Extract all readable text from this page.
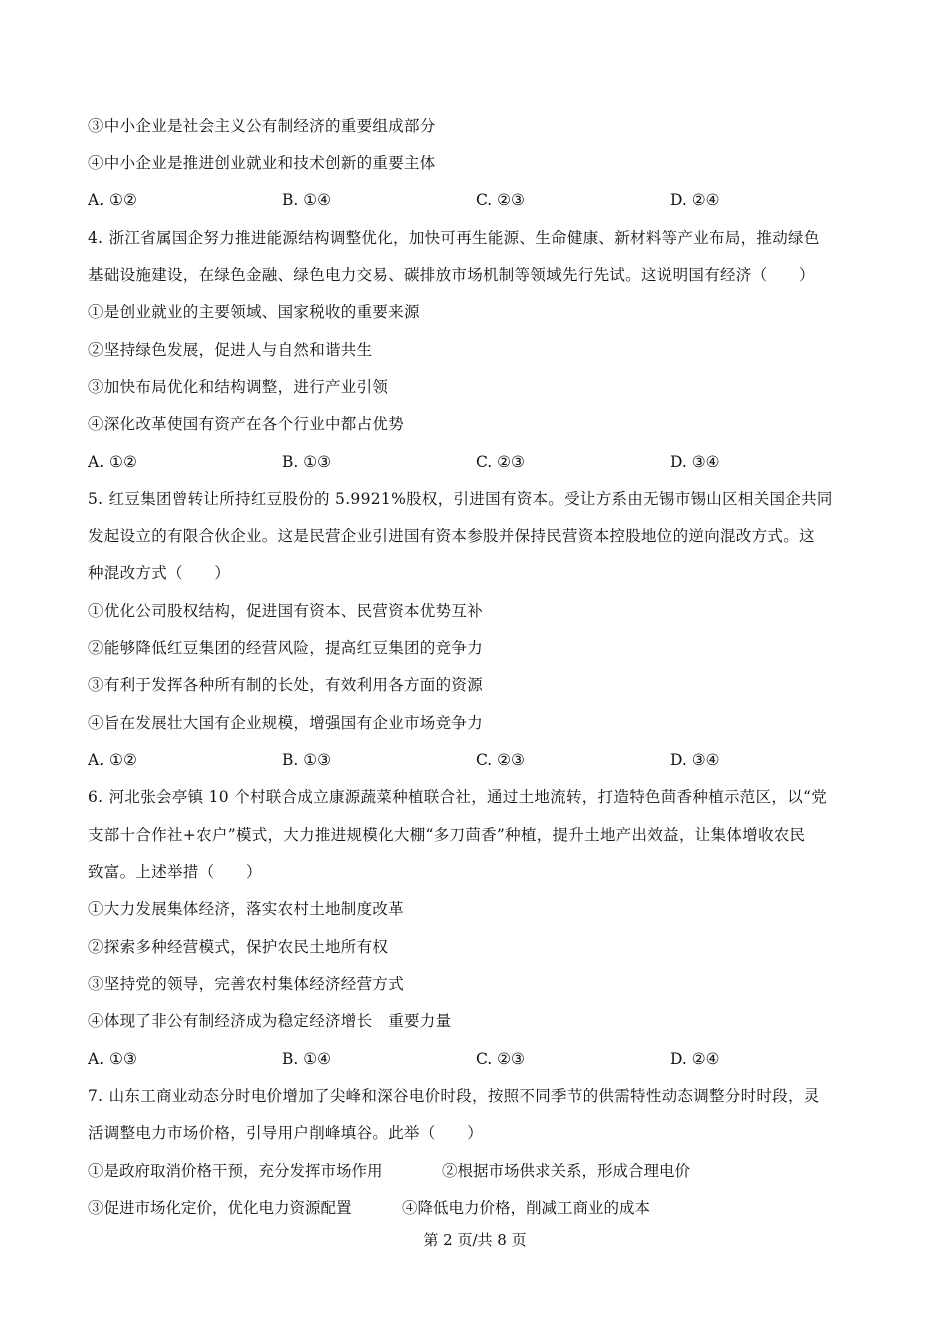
③中小企业是社会主义公有制经济的重要组成部分
④中小企业是推进创业就业和技术创新的重要主体
A. ①②	B. ①④	C. ②③	D. ②④
4. 浙江省属国企努力推进能源结构调整优化，加快可再生能源、生命健康、新材料等产业布局，推动绿色
基础设施建设，在绿色金融、绿色电力交易、碳排放市场机制等领域先行先试。这说明国有经济（　　）
①是创业就业的主要领域、国家税收的重要来源
②坚持绿色发展，促进人与自然和谐共生
③加快布局优化和结构调整，进行产业引领
④深化改革使国有资产在各个行业中都占优势
A. ①②	B. ①③	C. ②③	D. ③④
5. 红豆集团曾转让所持红豆股份的 5.9921%股权，引进国有资本。受让方系由无锡市锡山区相关国企共同
发起设立的有限合伙企业。这是民营企业引进国有资本参股并保持民营资本控股地位的逆向混改方式。这
种混改方式（　　）
①优化公司股权结构，促进国有资本、民营资本优势互补
②能够降低红豆集团的经营风险，提高红豆集团的竞争力
③有利于发挥各种所有制的长处，有效利用各方面的资源
④旨在发展壮大国有企业规模，增强国有企业市场竞争力
A. ①②	B. ①③	C. ②③	D. ③④
6. 河北张会亭镇 10 个村联合成立康源蔬菜种植联合社，通过土地流转，打造特色茴香种植示范区，以“党
支部十合作社+农户”模式，大力推进规模化大棚“多刀茴香”种植，提升土地产出效益，让集体增收农民
致富。上述举措（　　）
①大力发展集体经济，落实农村土地制度改革
②探索多种经营模式，保护农民土地所有权
③坚持党的领导，完善农村集体经济经营方式
④体现了非公有制经济成为稳定经济增长　重要力量
A. ①③	B. ①④	C. ②③	D. ②④
7. 山东工商业动态分时电价增加了尖峰和深谷电价时段，按照不同季节的供需特性动态调整分时时段，灵
活调整电力市场价格，引导用户削峰填谷。此举（　　）
①是政府取消价格干预，充分发挥市场作用	②根据市场供求关系，形成合理电价
③促进市场化定价，优化电力资源配置	④降低电力价格，削减工商业的成本
第 2 页/共 8 页
